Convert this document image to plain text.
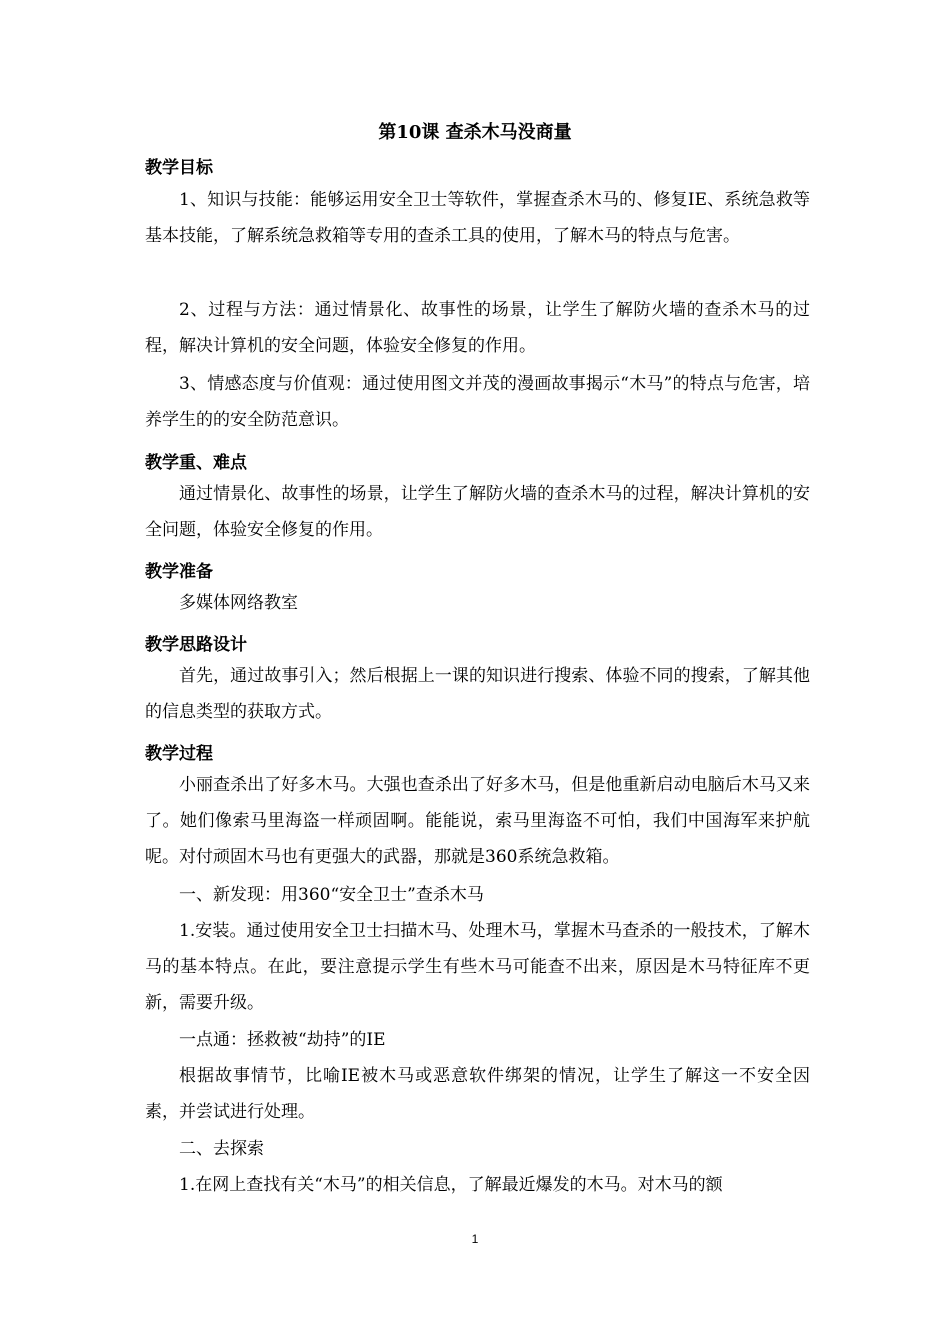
第10课 查杀木马没商量
教学目标
1、知识与技能：能够运用安全卫士等软件，掌握查杀木马的、修复IE、系统急救等基本技能，了解系统急救箱等专用的查杀工具的使用，了解木马的特点与危害。
2、过程与方法：通过情景化、故事性的场景，让学生了解防火墙的查杀木马的过程，解决计算机的安全问题，体验安全修复的作用。
3、情感态度与价值观：通过使用图文并茂的漫画故事揭示“木马”的特点与危害，培养学生的的安全防范意识。
教学重、难点
通过情景化、故事性的场景，让学生了解防火墙的查杀木马的过程，解决计算机的安全问题，体验安全修复的作用。
教学准备
多媒体网络教室
教学思路设计
首先，通过故事引入；然后根据上一课的知识进行搜索、体验不同的搜索，了解其他的信息类型的获取方式。
教学过程
小丽查杀出了好多木马。大强也查杀出了好多木马，但是他重新启动电脑后木马又来了。她们像索马里海盗一样顽固啊。能能说，索马里海盗不可怕，我们中国海军来护航呢。对付顽固木马也有更强大的武器，那就是360系统急救箱。
一、新发现：用360“安全卫士”查杀木马
1.安装。通过使用安全卫士扫描木马、处理木马，掌握木马查杀的一般技术，了解木马的基本特点。在此，要注意提示学生有些木马可能查不出来，原因是木马特征库不更新，需要升级。
一点通：拯救被“劫持”的IE
根据故事情节，比喻IE被木马或恶意软件绑架的情况，让学生了解这一不安全因素，并尝试进行处理。
二、去探索
1.在网上查找有关“木马”的相关信息，了解最近爆发的木马。对木马的额
1
